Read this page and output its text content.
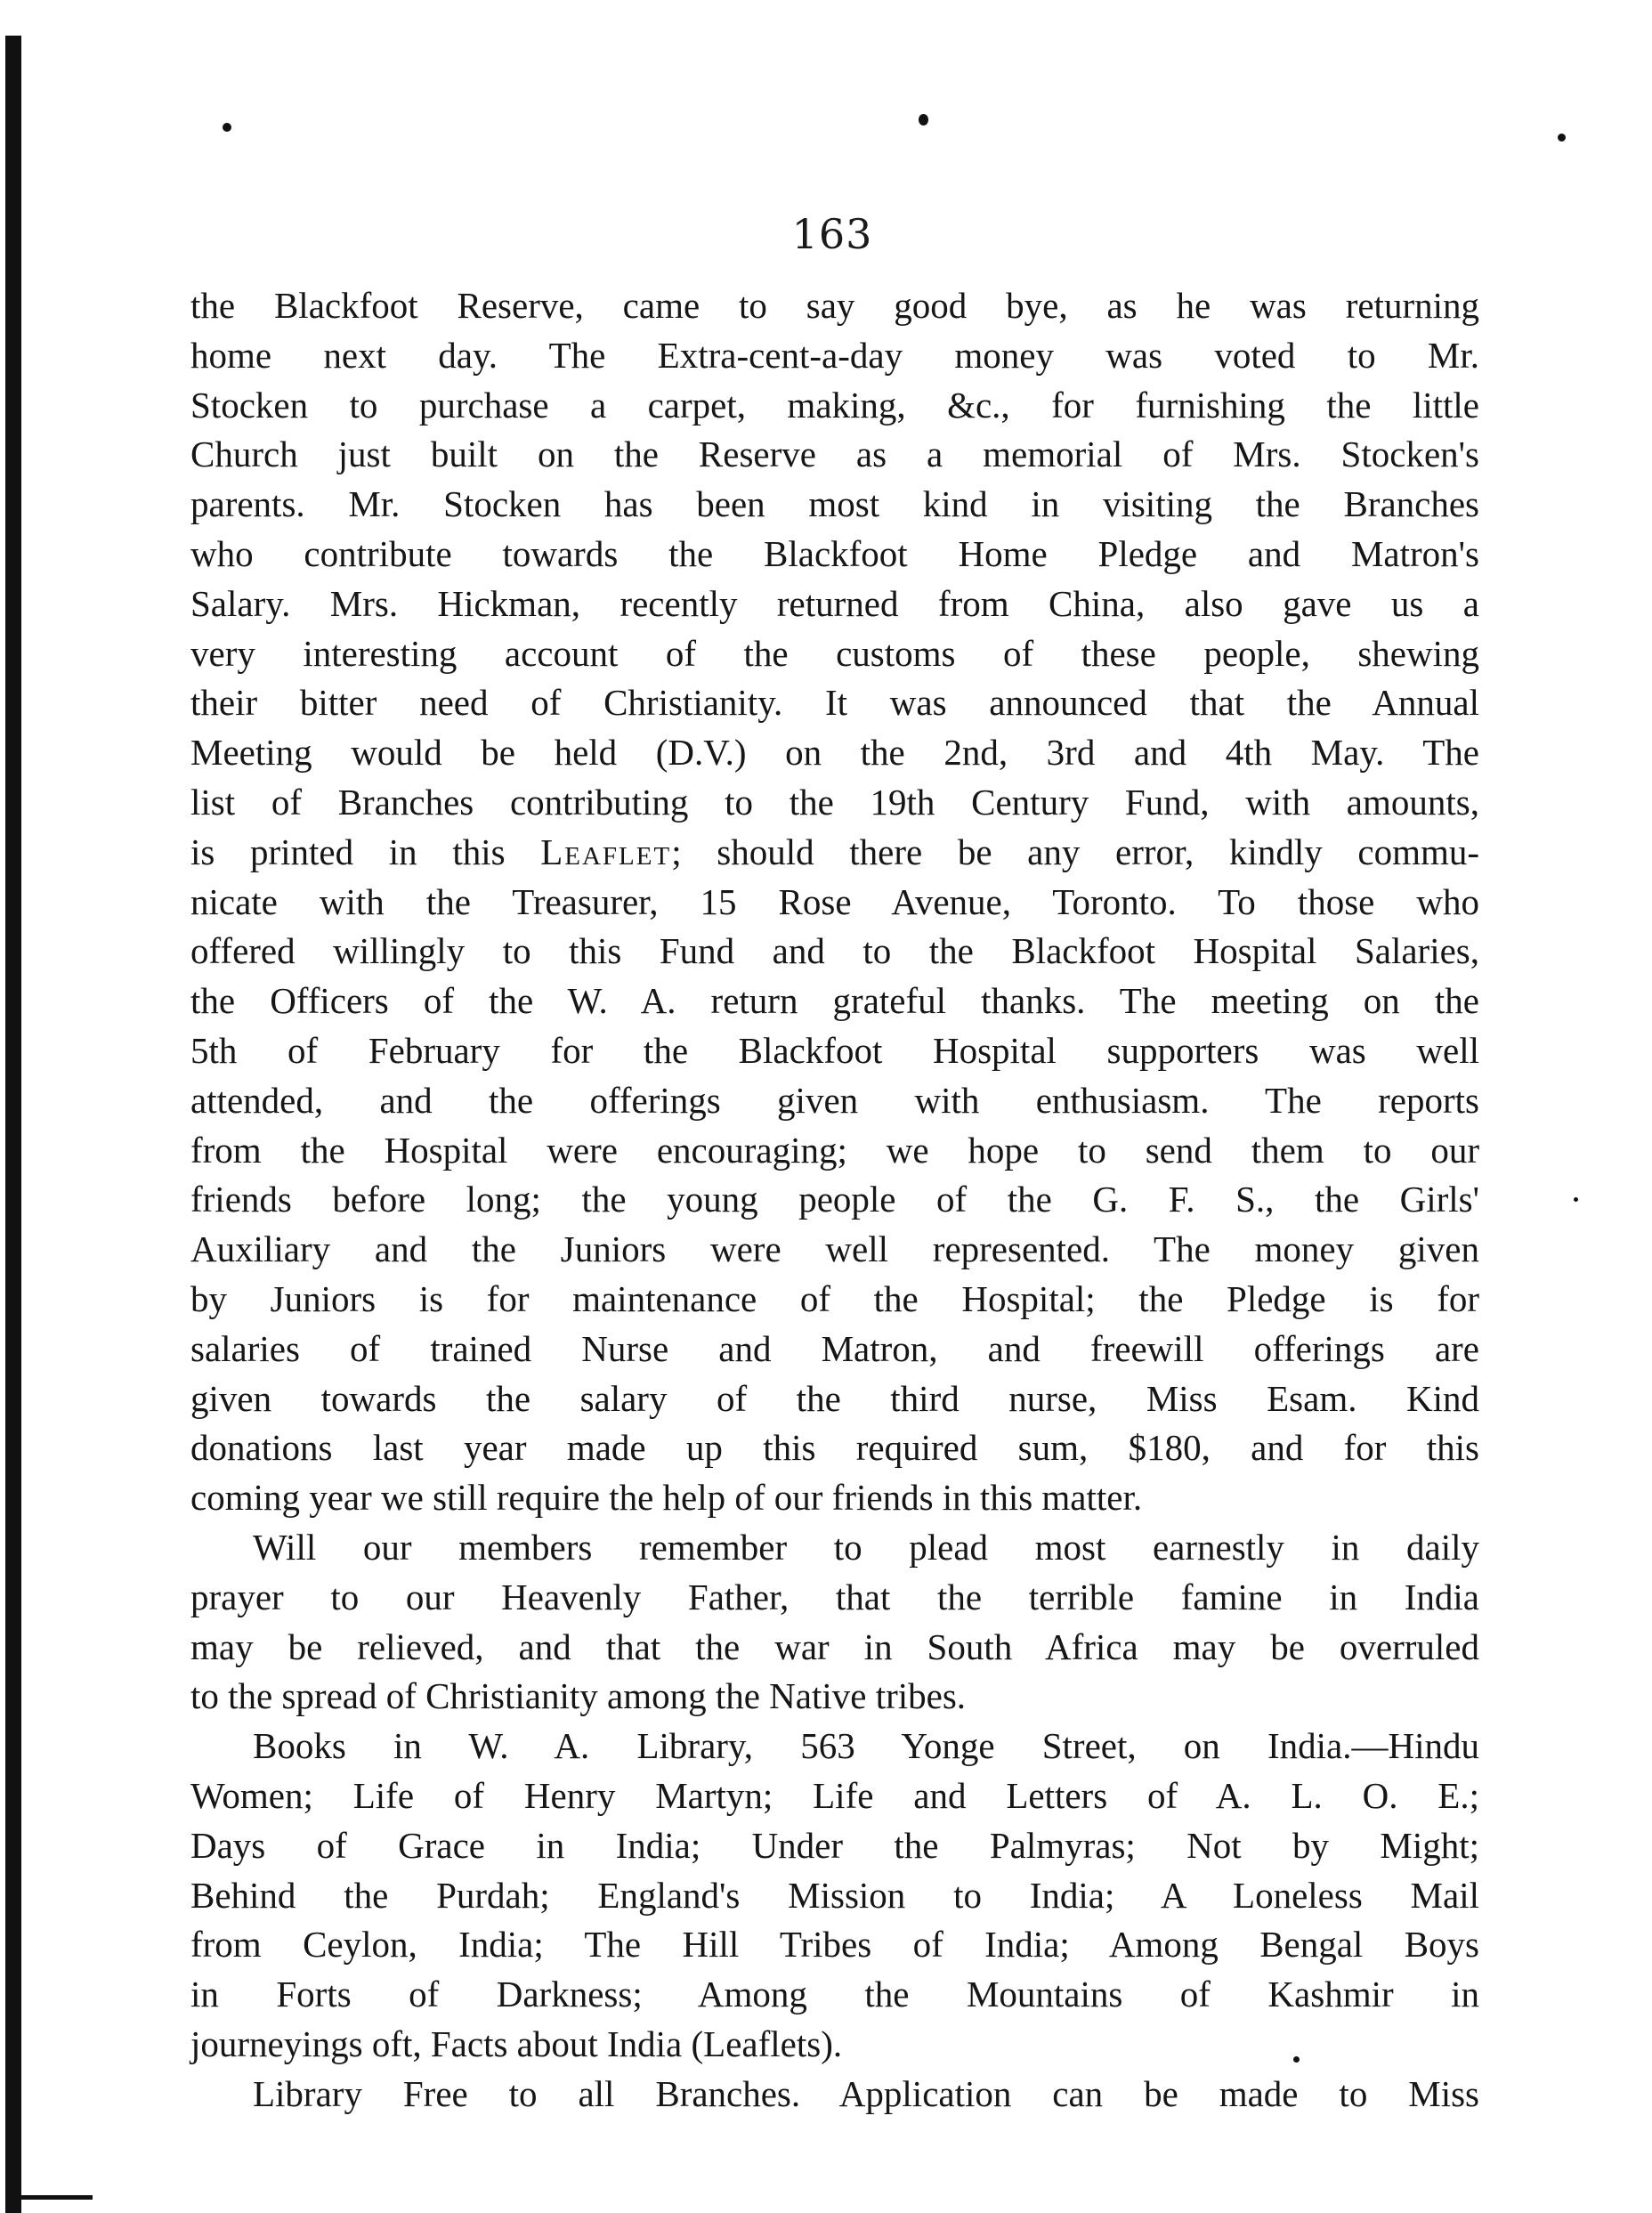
163
the Blackfoot Reserve, came to say good bye, as he was returning
home next day. The Extra-cent-a-day money was voted to Mr.
Stocken to purchase a carpet, making, &c., for furnishing the little
Church just built on the Reserve as a memorial of Mrs. Stocken's
parents. Mr. Stocken has been most kind in visiting the Branches
who contribute towards the Blackfoot Home Pledge and Matron's
Salary. Mrs. Hickman, recently returned from China, also gave us a
very interesting account of the customs of these people, shewing
their bitter need of Christianity. It was announced that the Annual
Meeting would be held (D.V.) on the 2nd, 3rd and 4th May. The
list of Branches contributing to the 19th Century Fund, with amounts,
is printed in this Leaflet; should there be any error, kindly commu-
nicate with the Treasurer, 15 Rose Avenue, Toronto. To those who
offered willingly to this Fund and to the Blackfoot Hospital Salaries,
the Officers of the W. A. return grateful thanks. The meeting on the
5th of February for the Blackfoot Hospital supporters was well
attended, and the offerings given with enthusiasm. The reports
from the Hospital were encouraging; we hope to send them to our
friends before long; the young people of the G. F. S., the Girls'
Auxiliary and the Juniors were well represented. The money given
by Juniors is for maintenance of the Hospital; the Pledge is for
salaries of trained Nurse and Matron, and freewill offerings are
given towards the salary of the third nurse, Miss Esam. Kind
donations last year made up this required sum, $180, and for this
coming year we still require the help of our friends in this matter.
Will our members remember to plead most earnestly in daily
prayer to our Heavenly Father, that the terrible famine in India
may be relieved, and that the war in South Africa may be overruled
to the spread of Christianity among the Native tribes.
Books in W. A. Library, 563 Yonge Street, on India.—Hindu
Women; Life of Henry Martyn; Life and Letters of A. L. O. E.;
Days of Grace in India; Under the Palmyras; Not by Might;
Behind the Purdah; England's Mission to India; A Loneless Mail
from Ceylon, India; The Hill Tribes of India; Among Bengal Boys
in Forts of Darkness; Among the Mountains of Kashmir in
journeyings oft, Facts about India (Leaflets).
Library Free to all Branches. Application can be made to Miss
